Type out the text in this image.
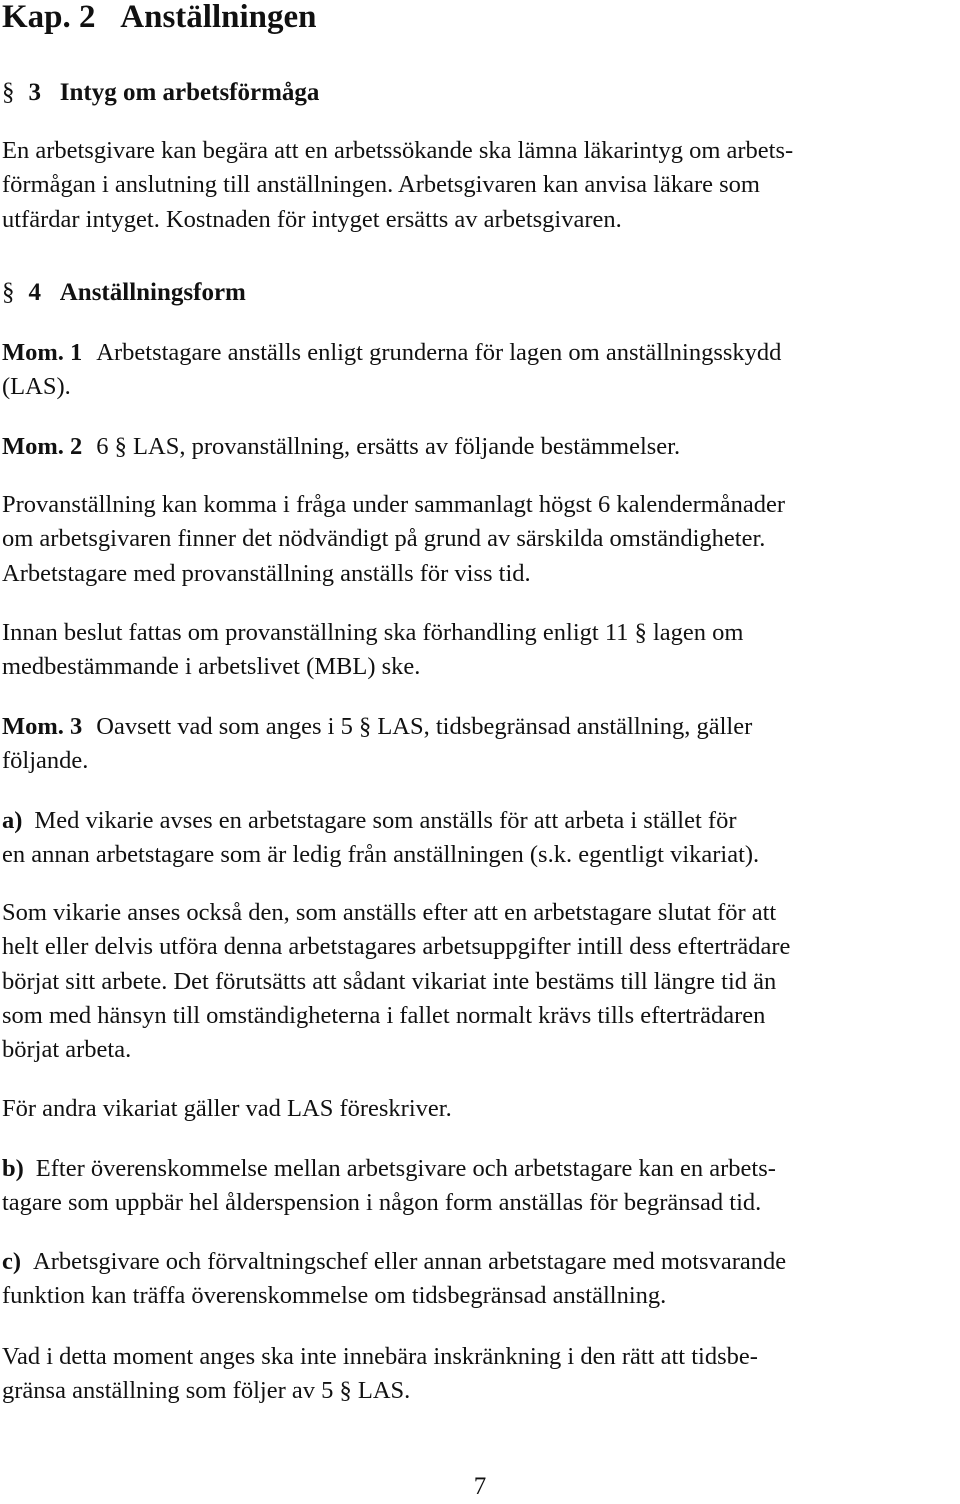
Kap. 2 Anställningen
§ 3 Intyg om arbetsförmåga
En arbetsgivare kan begära att en arbetssökande ska lämna läkarintyg om arbets-
förmågan i anslutning till anställningen. Arbetsgivaren kan anvisa läkare som
utfärdar intyget. Kostnaden för intyget ersätts av arbetsgivaren.
§ 4 Anställningsform
Mom. 1 Arbetstagare anställs enligt grunderna för lagen om anställningsskydd
(LAS).
Mom. 2 6 § LAS, provanställning, ersätts av följande bestämmelser.
Provanställning kan komma i fråga under sammanlagt högst 6 kalendermånader
om arbetsgivaren finner det nödvändigt på grund av särskilda omständigheter.
Arbetstagare med provanställning anställs för viss tid.
Innan beslut fattas om provanställning ska förhandling enligt 11 § lagen om
medbestämmande i arbetslivet (MBL) ske.
Mom. 3 Oavsett vad som anges i 5 § LAS, tidsbegränsad anställning, gäller
följande.
a) Med vikarie avses en arbetstagare som anställs för att arbeta i stället för
en annan arbetstagare som är ledig från anställningen (s.k. egentligt vikariat).
Som vikarie anses också den, som anställs efter att en arbetstagare slutat för att
helt eller delvis utföra denna arbetstagares arbetsuppgifter intill dess efterträdare
börjat sitt arbete. Det förutsätts att sådant vikariat inte bestäms till längre tid än
som med hänsyn till omständigheterna i fallet normalt krävs tills efterträdaren
börjat arbeta.
För andra vikariat gäller vad LAS föreskriver.
b) Efter överenskommelse mellan arbetsgivare och arbetstagare kan en arbets-
tagare som uppbär hel ålderspension i någon form anställas för begränsad tid.
c) Arbetsgivare och förvaltningschef eller annan arbetstagare med motsvarande
funktion kan träffa överenskommelse om tidsbegränsad anställning.
Vad i detta moment anges ska inte innebära inskränkning i den rätt att tidsbe-
gränsa anställning som följer av 5 § LAS.
7
